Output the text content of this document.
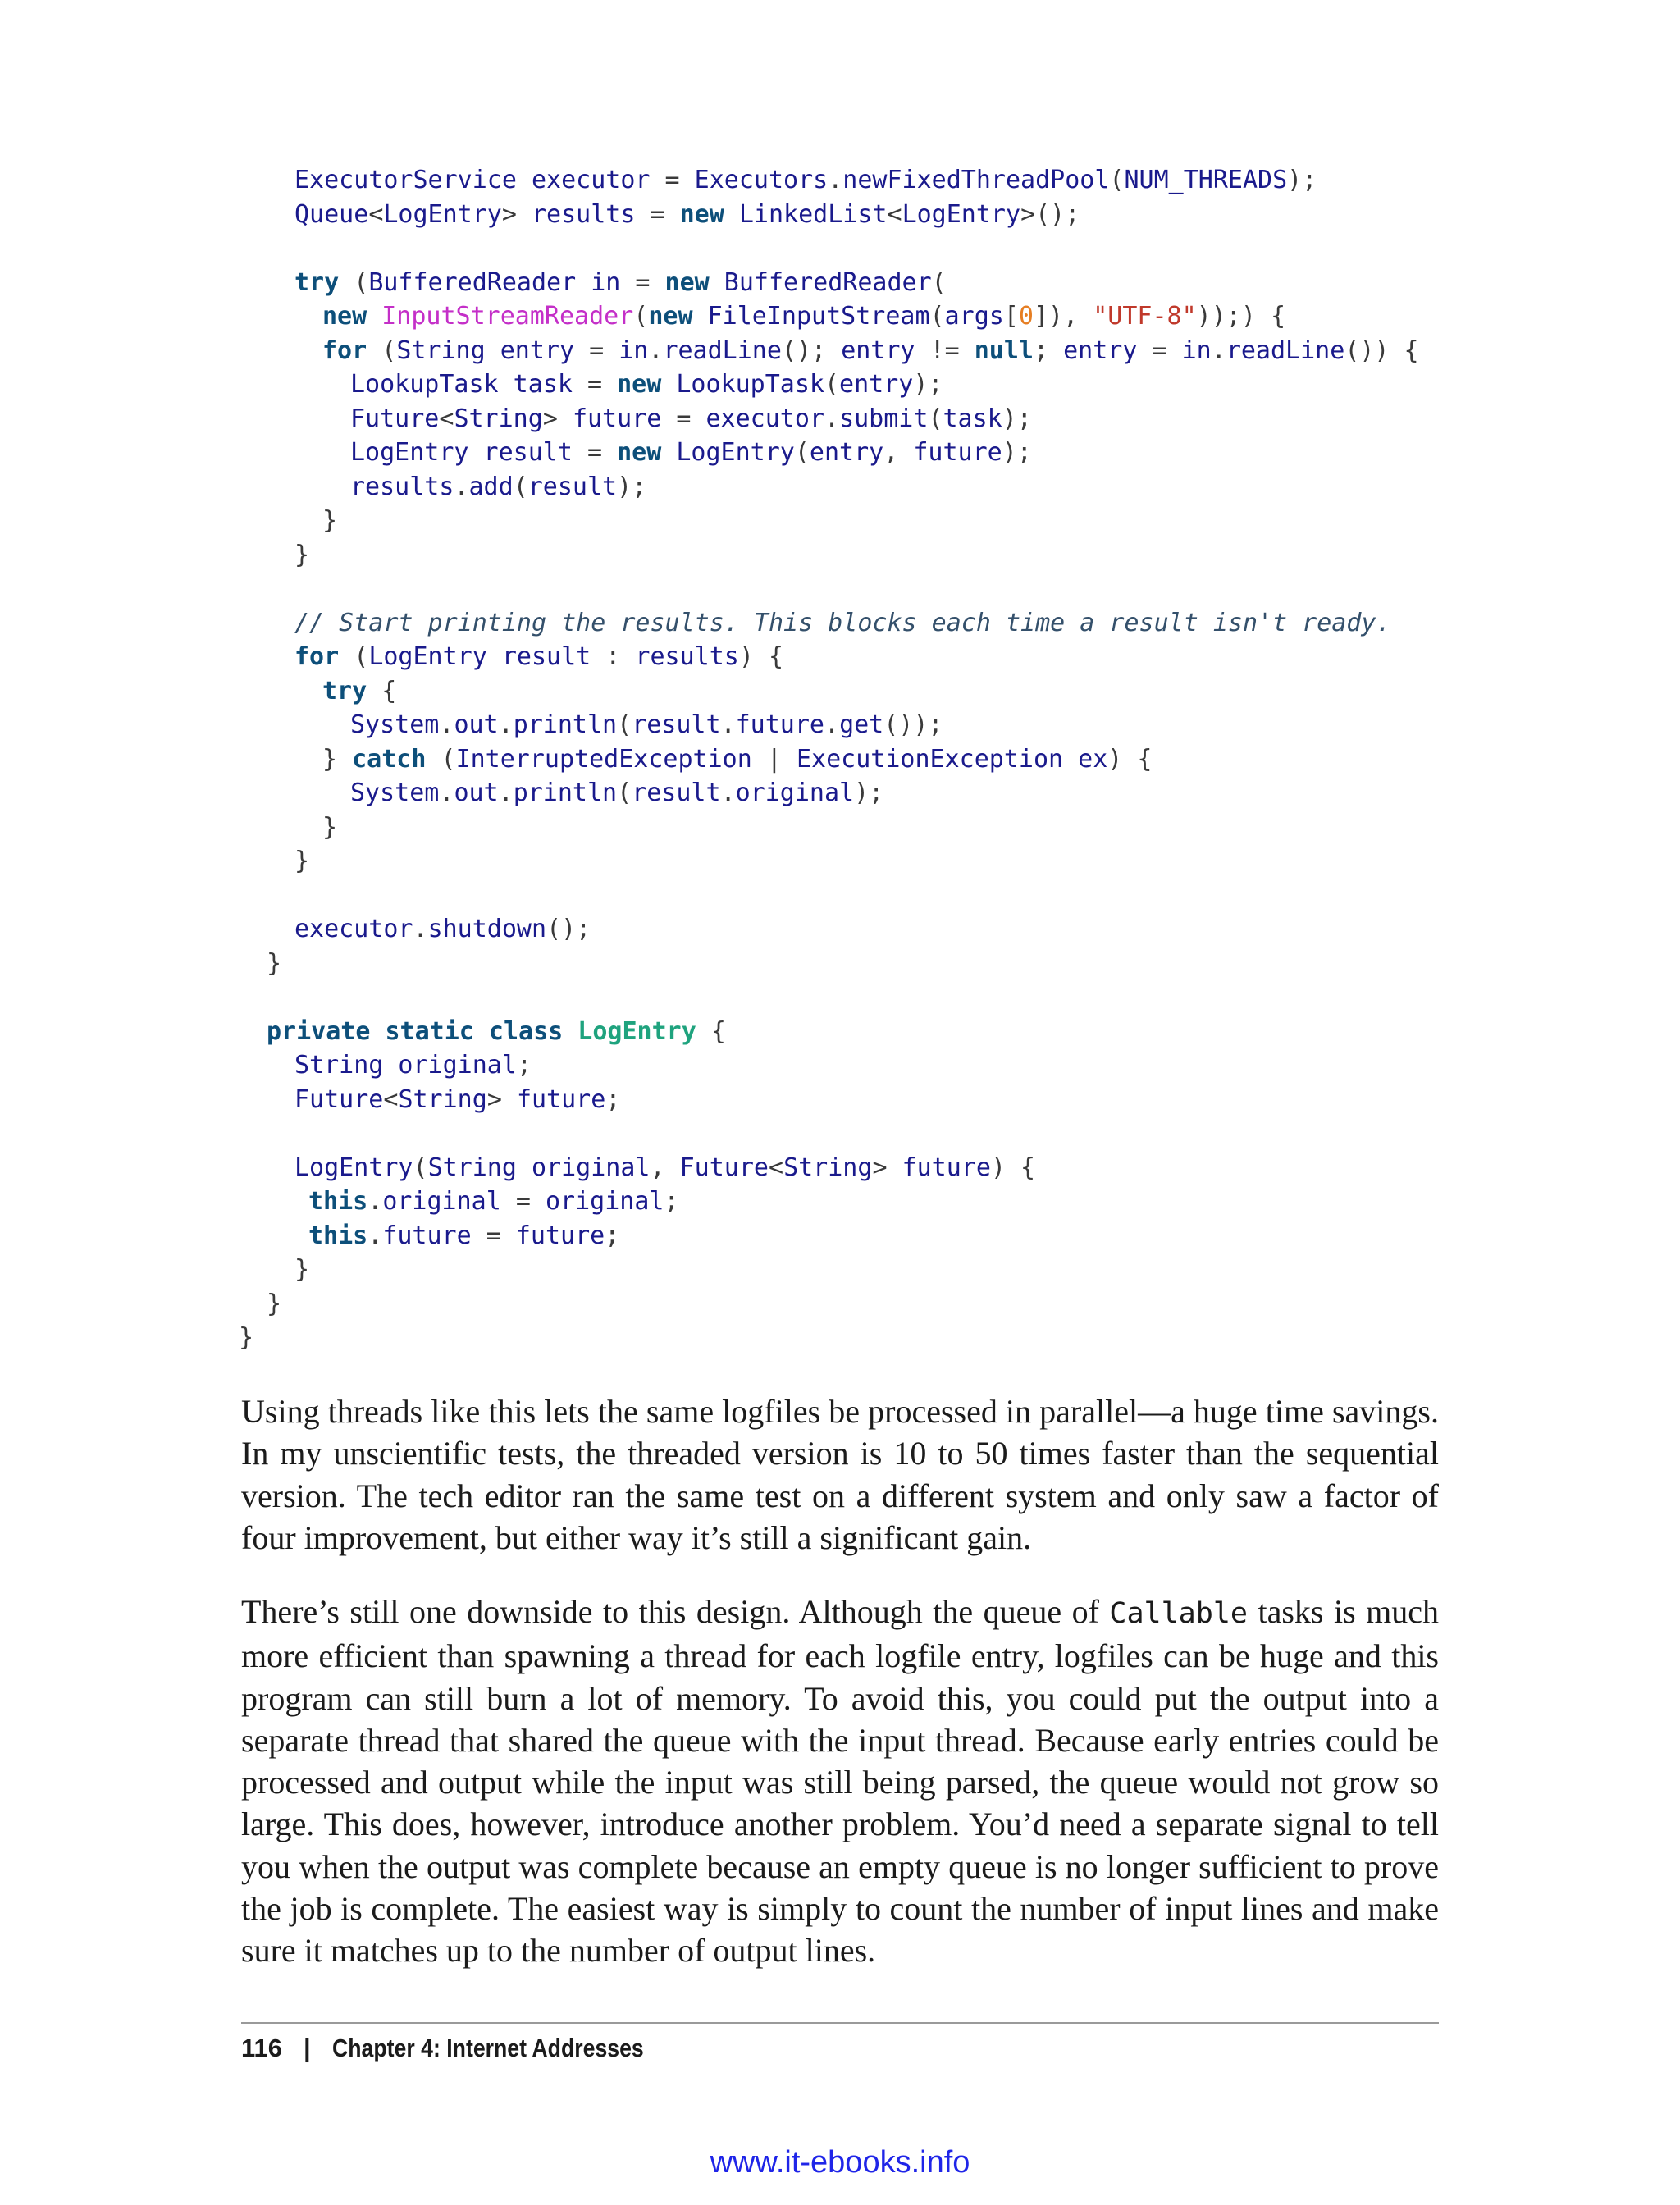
ExecutorService executor = Executors.newFixedThreadPool(NUM_THREADS);
Queue<LogEntry> results = new LinkedList<LogEntry>();
try (BufferedReader in = new BufferedReader(
new InputStreamReader(new FileInputStream(args[0]), "UTF-8"));) {
for (String entry = in.readLine(); entry != null; entry = in.readLine()) {
LookupTask task = new LookupTask(entry);
Future<String> future = executor.submit(task);
LogEntry result = new LogEntry(entry, future);
results.add(result);
}
}
// Start printing the results. This blocks each time a result isn't ready.
for (LogEntry result : results) {
try {
System.out.println(result.future.get());
} catch (InterruptedException | ExecutionException ex) {
System.out.println(result.original);
}
}
executor.shutdown();
}
private static class LogEntry {
String original;
Future<String> future;
LogEntry(String original, Future<String> future) {
this.original = original;
this.future = future;
}
}
}

Using threads like this lets the same logfiles be processed in parallel—a huge time savings. In my unscientific tests, the threaded version is 10 to 50 times faster than the sequential version. The tech editor ran the same test on a different system and only saw a factor of four improvement, but either way it’s still a significant gain.

There’s still one downside to this design. Although the queue of Callable tasks is much more efficient than spawning a thread for each logfile entry, logfiles can be huge and this program can still burn a lot of memory. To avoid this, you could put the output into a separate thread that shared the queue with the input thread. Because early entries could be processed and output while the input was still being parsed, the queue would not grow so large. This does, however, introduce another problem. You’d need a separate signal to tell you when the output was complete because an empty queue is no longer sufficient to prove the job is complete. The easiest way is simply to count the number of input lines and make sure it matches up to the number of output lines.

116 | Chapter 4: Internet Addresses
www.it-ebooks.info
